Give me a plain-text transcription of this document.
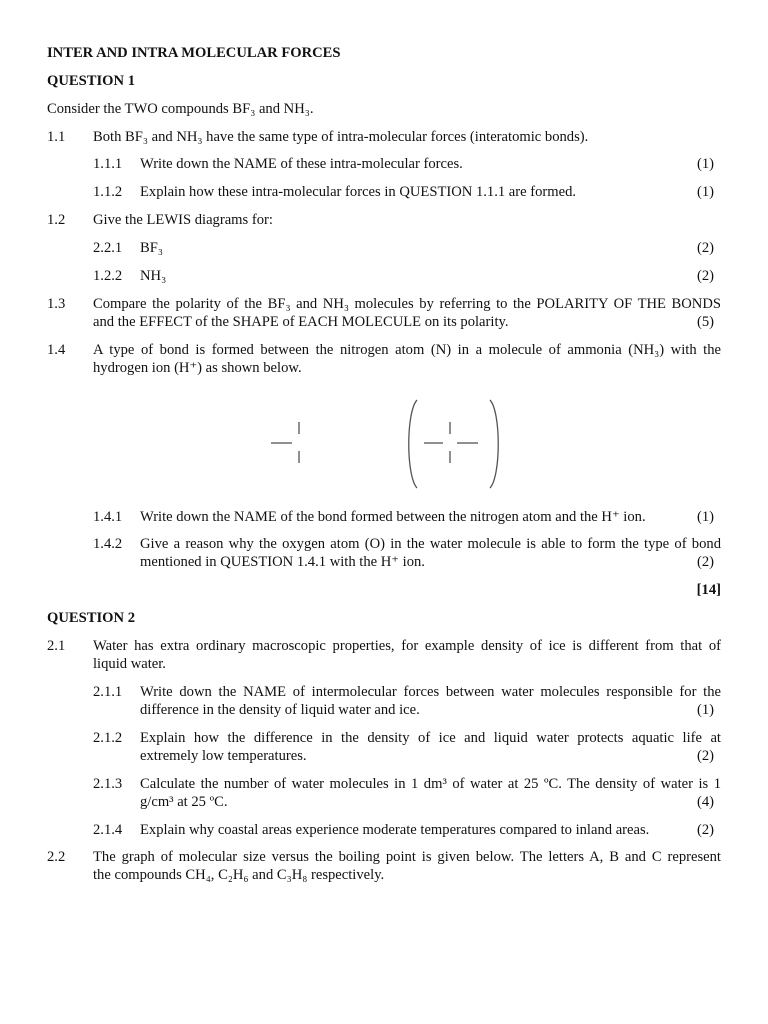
INTER AND INTRA MOLECULAR FORCES
QUESTION 1
Consider the TWO compounds BF₃ and NH₃.
1.1 Both BF₃ and NH₃ have the same type of intra-molecular forces (interatomic bonds).
1.1.1 Write down the NAME of these intra-molecular forces.	(1)
1.1.2 Explain how these intra-molecular forces in QUESTION 1.1.1 are formed.	(1)
1.2 Give the LEWIS diagrams for:
2.2.1 BF₃	(2)
1.2.2 NH₃	(2)
1.3 Compare the polarity of the BF₃ and NH₃ molecules by referring to the POLARITY OF THE BONDS
and the EFFECT of the SHAPE of EACH MOLECULE on its polarity.	(5)
1.4 A type of bond is formed between the nitrogen atom (N) in a molecule of ammonia (NH₃) with the
hydrogen ion (H⁺) as shown below.
1.4.1 Write down the NAME of the bond formed between the nitrogen atom and the H⁺ ion.	(1)
1.4.2 Give a reason why the oxygen atom (O) in the water molecule is able to form the type of bond
mentioned in QUESTION 1.4.1 with the H⁺ ion.	(2)
[14]
QUESTION 2
2.1 Water has extra ordinary macroscopic properties, for example density of ice is different from that of
liquid water.
2.1.1 Write down the NAME of intermolecular forces between water molecules responsible for the
difference in the density of liquid water and ice.	(1)
2.1.2 Explain how the difference in the density of ice and liquid water protects aquatic life at
extremely low temperatures.	(2)
2.1.3 Calculate the number of water molecules in 1 dm³ of water at 25 ºC. The density of water is 1
g/cm³ at 25 ºC.	(4)
2.1.4 Explain why coastal areas experience moderate temperatures compared to inland areas.	(2)
2.2 The graph of molecular size versus the boiling point is given below. The letters A, B and C represent
the compounds CH₄, C₂H₆ and C₃H₈ respectively.
